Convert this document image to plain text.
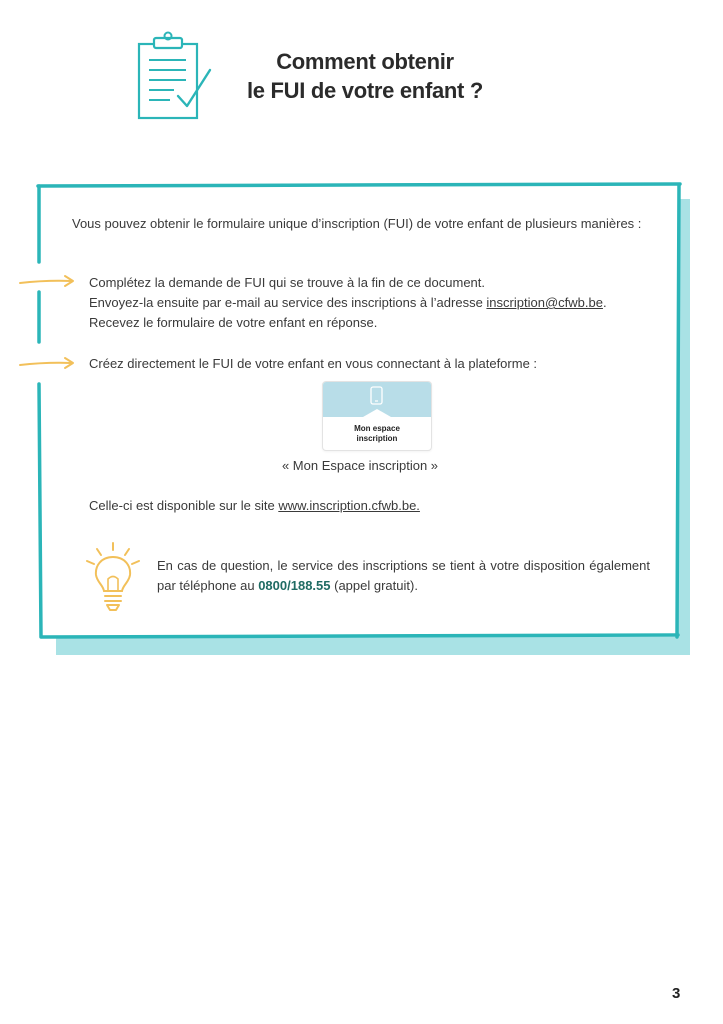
Comment obtenir
le FUI de votre enfant ?
Vous pouvez obtenir le formulaire unique d’inscription (FUI) de votre enfant de plusieurs manières :
Complétez la demande de FUI qui se trouve à la fin de ce document.
Envoyez-la ensuite par e-mail au service des inscriptions à l’adresse inscription@cfwb.be.
Recevez le formulaire de votre enfant en réponse.
Créez directement le FUI de votre enfant en vous connectant à la plateforme :
Mon espace
inscription
« Mon Espace inscription »
Celle-ci est disponible sur le site www.inscription.cfwb.be.
En cas de question, le service des inscriptions se tient à votre disposition également par téléphone au 0800/188.55 (appel gratuit).
3
